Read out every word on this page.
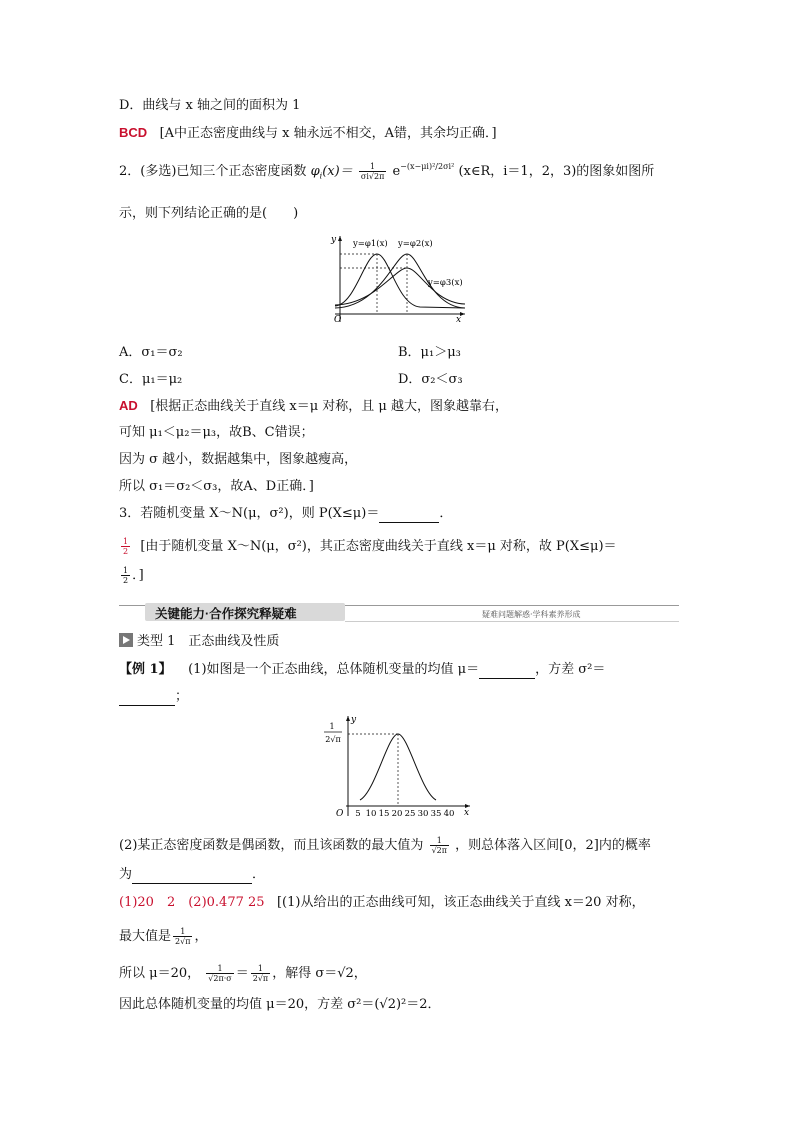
D．曲线与 x 轴之间的面积为 1
BCD [A中正态密度曲线与 x 轴永远不相交，A错，其余均正确．]
2．(多选)已知三个正态密度函数 $\varphi_i(x)= \frac{1}{\sigma i√2\pi} e^{-(x-\mu i)^2/2\sigma i^2}$ (x∈R，i＝1，2，3)的图象如图所
示，则下列结论正确的是(　　)
y
x
O
y=φ1(x) y=φ2(x)
y=φ3(x)
A．σ₁＝σ₂	B．μ₁＞μ₃
C．μ₁＝μ₂	D．σ₂＜σ₃
AD [根据正态曲线关于直线 x＝μ 对称，且 μ 越大，图象越靠右，
可知 μ₁＜μ₂＝μ₃，故B、C错误；
因为 σ 越小，数据越集中，图象越瘦高，
所以 σ₁＝σ₂＜σ₃，故A、D正确．]
3．若随机变量 X～N(μ，σ²)，则 P(X≤μ)＝	．
$\frac{1}{2}$ [由于随机变量 X～N(μ，σ²)，其正态密度曲线关于直线 x＝μ 对称，故 P(X≤μ)＝
$\frac{1}{2}$ ．]
关键能力·合作探究释疑难	疑难问题解惑·学科素养形成
类型 1　正态曲线及性质
【例 1】 (1)如图是一个正态曲线，总体随机变量的均值 μ＝	，方差 σ²＝
；
y
x
O
1
2√π
5 10 15 20 25 30 35 40
(2)某正态密度函数是偶函数，而且该函数的最大值为 $\frac{1}{√2\pi}$ ，则总体落入区间[0，2]内的概率
为	．
(1)20　2　(2)0.477 25 [(1)从给出的正态曲线可知，该正态曲线关于直线 x＝20 对称，
最大值是 $\frac{1}{2√\pi}$ ，
所以 μ＝20， $\frac{1}{√2\pi\cdot\sigma} = \frac{1}{2√\pi}$ ，解得 σ＝√2，
因此总体随机变量的均值 μ＝20，方差 σ²＝(√2)²＝2．
